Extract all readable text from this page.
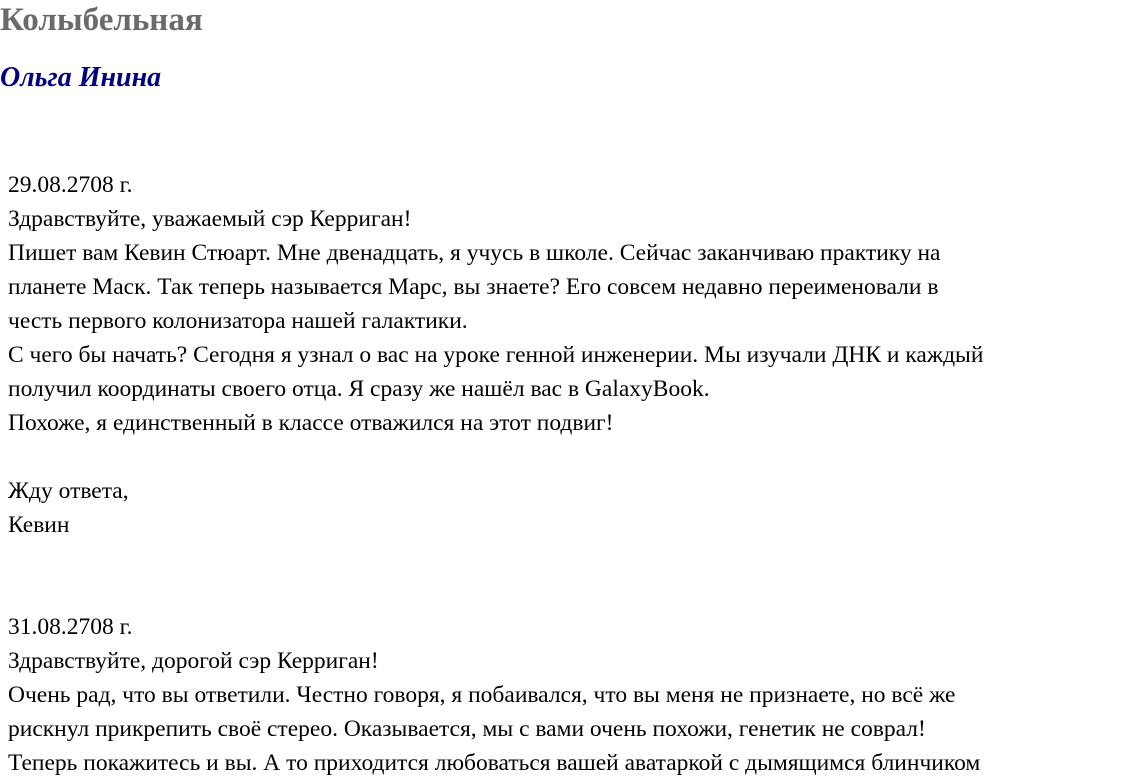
Колыбельная
Ольга Инина

29.08.2708 г.

Здравствуйте, уважаемый сэр Керриган!

Пишет вам Кевин Стюарт. Мне двенадцать, я учусь в школе. Сейчас заканчиваю практику на
планете Маск. Так теперь называется Марс, вы знаете? Его совсем недавно переименовали в
честь первого колонизатора нашей галактики.

С чего бы начать? Сегодня я узнал о вас на уроке генной инженерии. Мы изучали ДНК и каждый
получил координаты своего отца. Я сразу же нашёл вас в GalaxyBook.

Похоже, я единственный в классе отважился на этот подвиг!

Жду ответа,

Кевин

31.08.2708 г.

Здравствуйте, дорогой сэр Керриган!

Очень рад, что вы ответили. Честно говоря, я побаивался, что вы меня не признаете, но всё же
рискнул прикрепить своё стерео. Оказывается, мы с вами очень похожи, генетик не соврал!
Теперь покажитесь и вы. А то приходится любоваться вашей аватаркой с дымящимся блинчиком
